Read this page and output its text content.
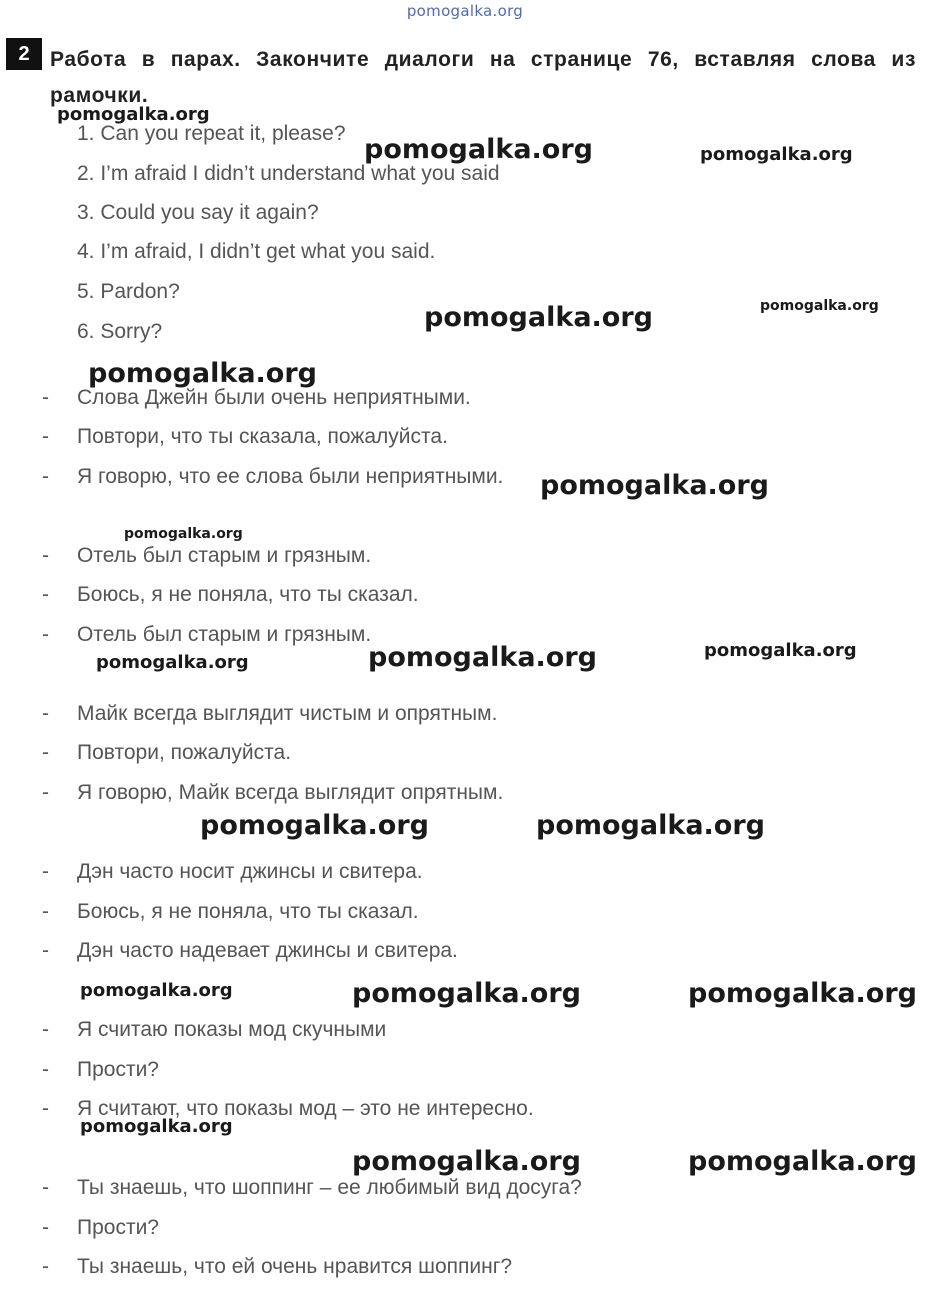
pomogalka.org
2 Работа в парах. Закончите диалоги на странице 76, вставляя слова из рамочки.
1. Can you repeat it, please?
2. I’m afraid I didn’t understand what you said
3. Could you say it again?
4. I’m afraid, I didn’t get what you said.
5. Pardon?
6. Sorry?
- Слова Джейн были очень неприятными.
- Повтори, что ты сказала, пожалуйста.
- Я говорю, что ее слова были неприятными.
- Отель был старым и грязным.
- Боюсь, я не поняла, что ты сказал.
- Отель был старым и грязным.
- Майк всегда выглядит чистым и опрятным.
- Повтори, пожалуйста.
- Я говорю, Майк всегда выглядит опрятным.
- Дэн часто носит джинсы и свитера.
- Боюсь, я не поняла, что ты сказал.
- Дэн часто надевает джинсы и свитера.
- Я считаю показы мод скучными
- Прости?
- Я считают, что показы мод – это не интересно.
- Ты знаешь, что шоппинг – ее любимый вид досуга?
- Прости?
- Ты знаешь, что ей очень нравится шоппинг?
pomogalka.org
pomogalka.org	pomogalka.org
pomogalka.org
pomogalka.org
pomogalka.org
pomogalka.org
pomogalka.org
pomogalka.org
pomogalka.org
pomogalka.org
pomogalka.org	pomogalka.org
pomogalka.org	pomogalka.org	pomogalka.org
pomogalka.org
pomogalka.org	pomogalka.org
